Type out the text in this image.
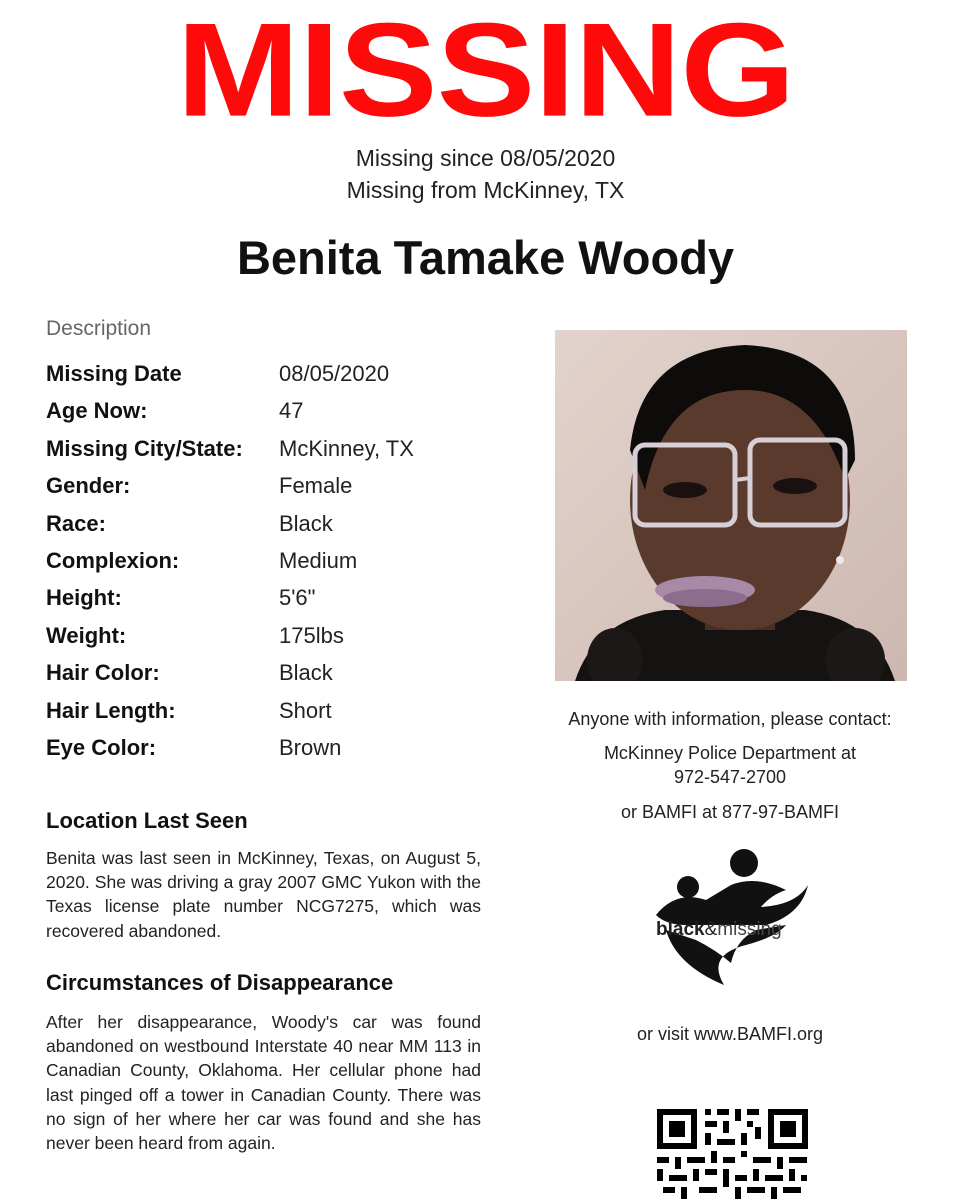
MISSING
Missing since 08/05/2020
Missing from McKinney, TX
Benita Tamake Woody
Description
Missing Date	08/05/2020
Age Now:	47
Missing City/State: McKinney, TX
Gender:	Female
Race:	Black
Complexion:	Medium
Height:	5'6"
Weight:	175lbs
Hair Color:	Black
Hair Length:	Short
Eye Color:	Brown
Location Last Seen
Benita was last seen in McKinney, Texas, on August 5, 2020. She was driving a gray 2007 GMC Yukon with the Texas license plate number NCG7275, which was recovered abandoned.
Circumstances of Disappearance
After her disappearance, Woody's car was found abandoned on westbound Interstate 40 near MM 113 in Canadian County, Oklahoma. Her cellular phone had last pinged off a tower in Canadian County. There was no sign of her where her car was found and she has never been heard from again.
Anyone with information, please contact:
McKinney Police Department at
972-547-2700
or BAMFI at 877-97-BAMFI
black&missing
or visit www.BAMFI.org
